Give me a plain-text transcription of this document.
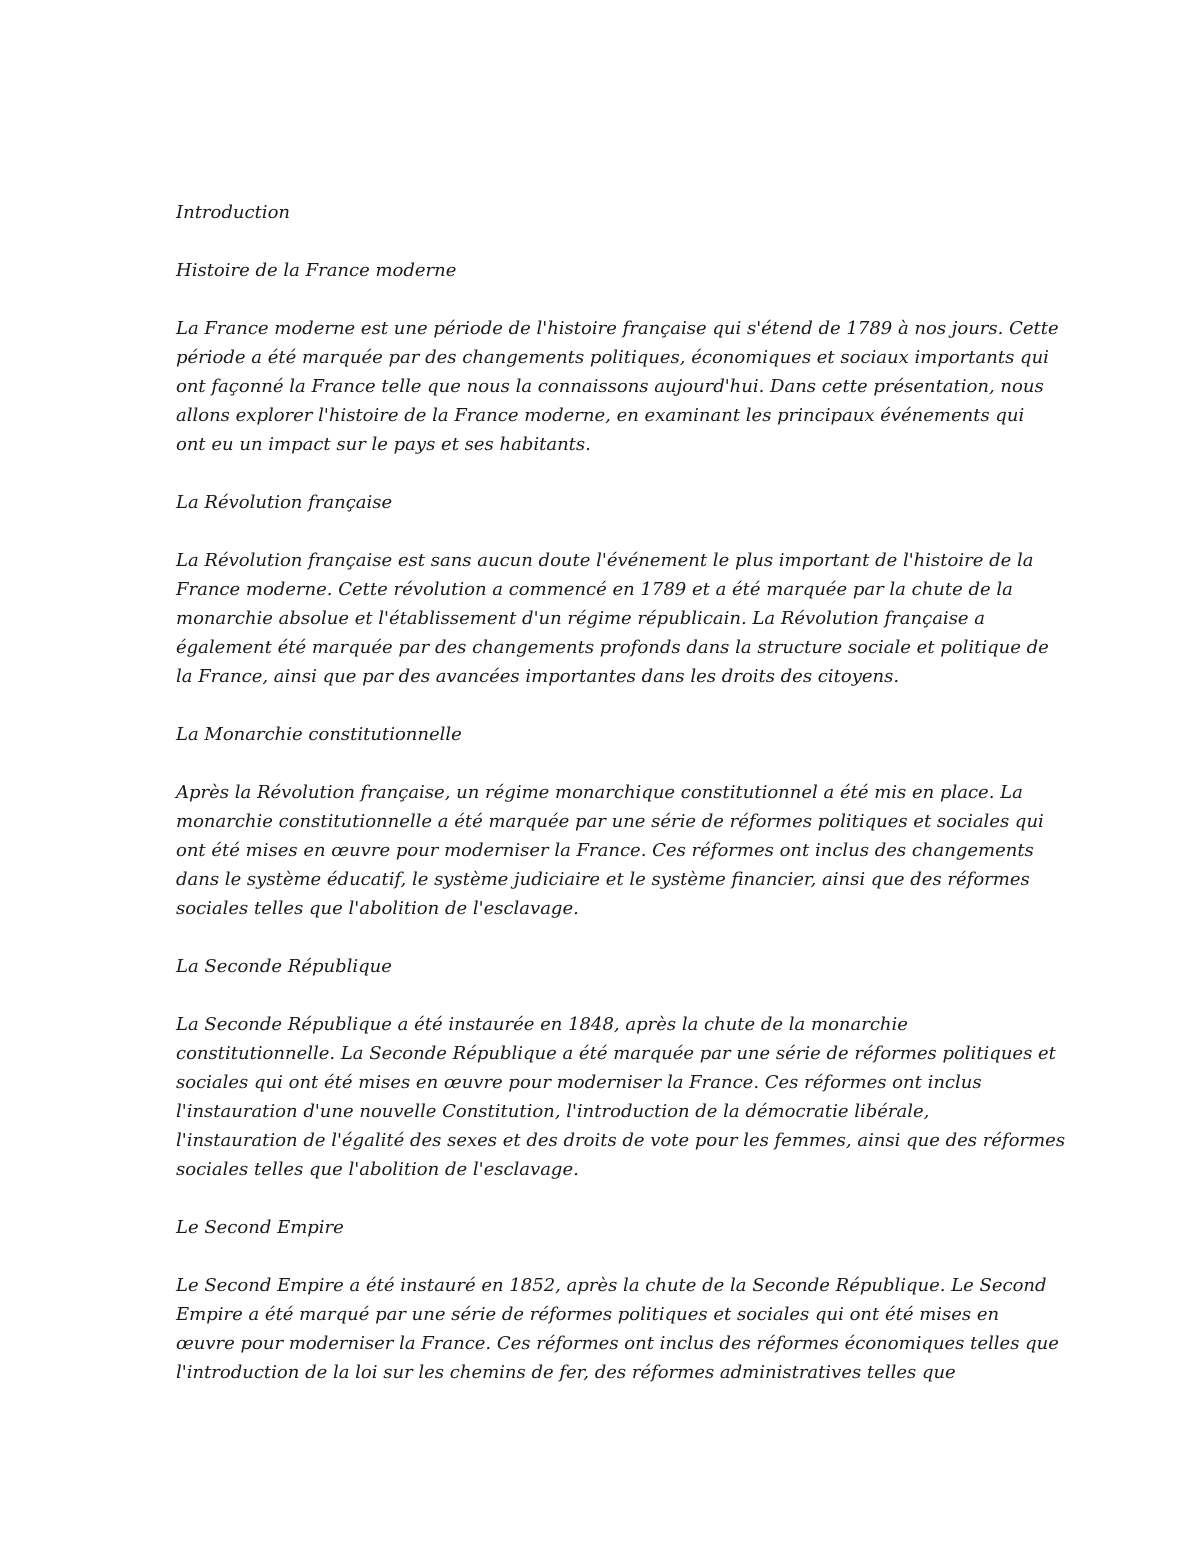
Introduction
Histoire de la France moderne
La France moderne est une période de l'histoire française qui s'étend de 1789 à nos jours. Cette
période a été marquée par des changements politiques, économiques et sociaux importants qui
ont façonné la France telle que nous la connaissons aujourd'hui. Dans cette présentation, nous
allons explorer l'histoire de la France moderne, en examinant les principaux événements qui
ont eu un impact sur le pays et ses habitants.
La Révolution française
La Révolution française est sans aucun doute l'événement le plus important de l'histoire de la
France moderne. Cette révolution a commencé en 1789 et a été marquée par la chute de la
monarchie absolue et l'établissement d'un régime républicain. La Révolution française a
également été marquée par des changements profonds dans la structure sociale et politique de
la France, ainsi que par des avancées importantes dans les droits des citoyens.
La Monarchie constitutionnelle
Après la Révolution française, un régime monarchique constitutionnel a été mis en place. La
monarchie constitutionnelle a été marquée par une série de réformes politiques et sociales qui
ont été mises en œuvre pour moderniser la France. Ces réformes ont inclus des changements
dans le système éducatif, le système judiciaire et le système financier, ainsi que des réformes
sociales telles que l'abolition de l'esclavage.
La Seconde République
La Seconde République a été instaurée en 1848, après la chute de la monarchie
constitutionnelle. La Seconde République a été marquée par une série de réformes politiques et
sociales qui ont été mises en œuvre pour moderniser la France. Ces réformes ont inclus
l'instauration d'une nouvelle Constitution, l'introduction de la démocratie libérale,
l'instauration de l'égalité des sexes et des droits de vote pour les femmes, ainsi que des réformes
sociales telles que l'abolition de l'esclavage.
Le Second Empire
Le Second Empire a été instauré en 1852, après la chute de la Seconde République. Le Second
Empire a été marqué par une série de réformes politiques et sociales qui ont été mises en
œuvre pour moderniser la France. Ces réformes ont inclus des réformes économiques telles que
l'introduction de la loi sur les chemins de fer, des réformes administratives telles que
